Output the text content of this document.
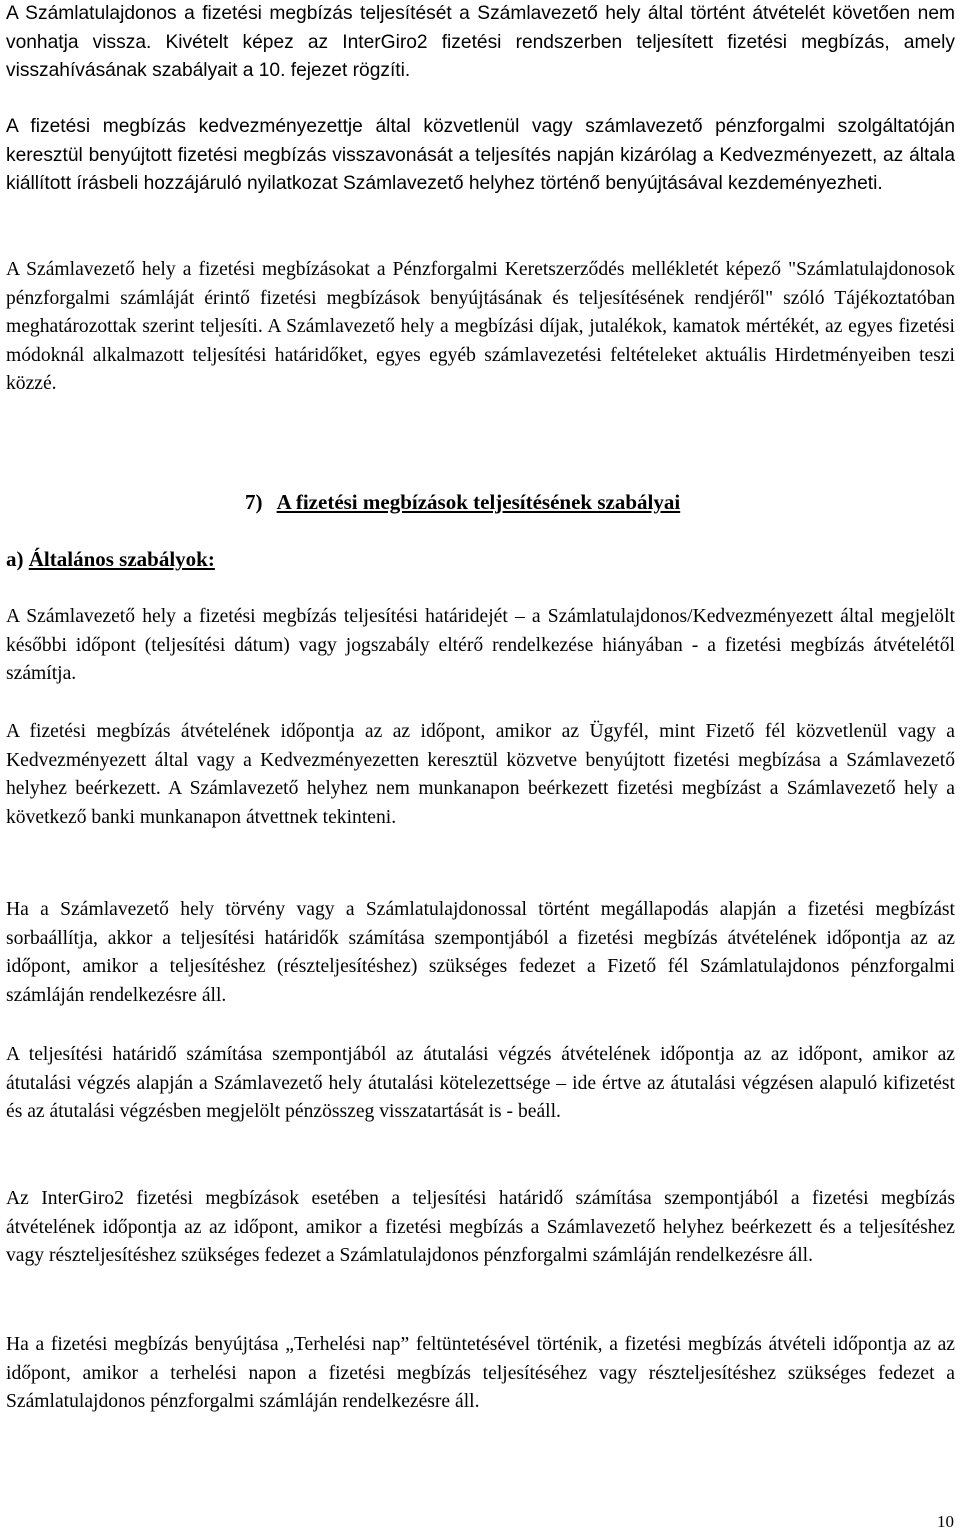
A Számlatulajdonos a fizetési megbízás teljesítését a Számlavezető hely által történt átvételét követően nem vonhatja vissza. Kivételt képez az InterGiro2 fizetési rendszerben teljesített fizetési megbízás, amely visszahívásának szabályait a 10. fejezet rögzíti.

A fizetési megbízás kedvezményezettje által közvetlenül vagy számlavezető pénzforgalmi szolgáltatóján keresztül benyújtott fizetési megbízás visszavonását a teljesítés napján kizárólag a Kedvezményezett, az általa kiállított írásbeli hozzájáruló nyilatkozat Számlavezető helyhez történő benyújtásával kezdeményezheti.

A Számlavezető hely a fizetési megbízásokat a Pénzforgalmi Keretszerződés mellékletét képező "Számlatulajdonosok pénzforgalmi számláját érintő fizetési megbízások benyújtásának és teljesítésének rendjéről" szóló Tájékoztatóban meghatározottak szerint teljesíti. A Számlavezető hely a megbízási díjak, jutalékok, kamatok mértékét, az egyes fizetési módoknál alkalmazott teljesítési határidőket, egyes egyéb számlavezetési feltételeket aktuális Hirdetményeiben teszi közzé.

7) A fizetési megbízások teljesítésének szabályai
a) Általános szabályok:

A Számlavezető hely a fizetési megbízás teljesítési határidejét – a Számlatulajdonos/Kedvezményezett által megjelölt későbbi időpont (teljesítési dátum) vagy jogszabály eltérő rendelkezése hiányában - a fizetési megbízás átvételétől számítja.

A fizetési megbízás átvételének időpontja az az időpont, amikor az Ügyfél, mint Fizető fél közvetlenül vagy a Kedvezményezett által vagy a Kedvezményezetten keresztül közvetve benyújtott fizetési megbízása a Számlavezető helyhez beérkezett. A Számlavezető helyhez nem munkanapon beérkezett fizetési megbízást a Számlavezető hely a következő banki munkanapon átvettnek tekinteni.

Ha a Számlavezető hely törvény vagy a Számlatulajdonossal történt megállapodás alapján a fizetési megbízást sorbaállítja, akkor a teljesítési határidők számítása szempontjából a fizetési megbízás átvételének időpontja az az időpont, amikor a teljesítéshez (részteljesítéshez) szükséges fedezet a Fizető fél Számlatulajdonos pénzforgalmi számláján rendelkezésre áll.

A teljesítési határidő számítása szempontjából az átutalási végzés átvételének időpontja az az időpont, amikor az átutalási végzés alapján a Számlavezető hely átutalási kötelezettsége – ide értve az átutalási végzésen alapuló kifizetést és az átutalási végzésben megjelölt pénzösszeg visszatartását is - beáll.

Az InterGiro2 fizetési megbízások esetében a teljesítési határidő számítása szempontjából a fizetési megbízás átvételének időpontja az az időpont, amikor a fizetési megbízás a Számlavezető helyhez beérkezett és a teljesítéshez vagy részteljesítéshez szükséges fedezet a Számlatulajdonos pénzforgalmi számláján rendelkezésre áll.

Ha a fizetési megbízás benyújtása „Terhelési nap” feltüntetésével történik, a fizetési megbízás átvételi időpontja az az időpont, amikor a terhelési napon a fizetési megbízás teljesítéséhez vagy részteljesítéshez szükséges fedezet a Számlatulajdonos pénzforgalmi számláján rendelkezésre áll.

10
